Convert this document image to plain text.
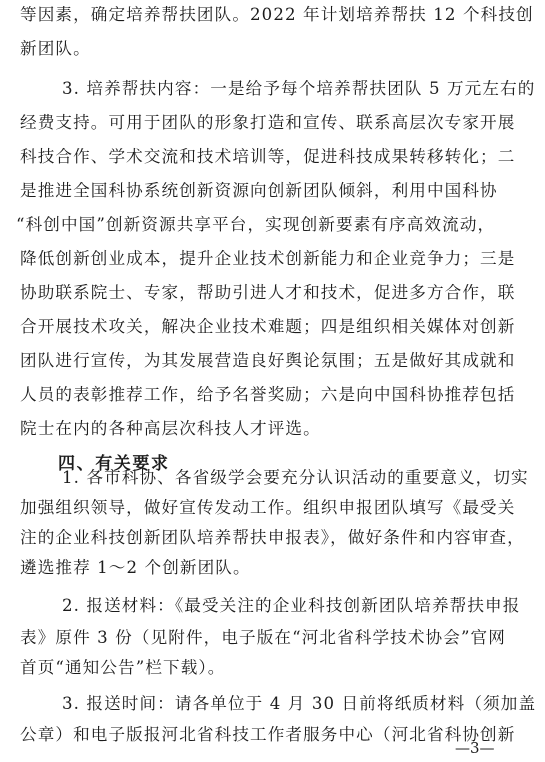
等因素，确定培养帮扶团队。2022 年计划培养帮扶 12 个科技创
新团队。
3. 培养帮扶内容：一是给予每个培养帮扶团队 5 万元左右的
经费支持。可用于团队的形象打造和宣传、联系高层次专家开展
科技合作、学术交流和技术培训等，促进科技成果转移转化；二
是推进全国科协系统创新资源向创新团队倾斜，利用中国科协
“科创中国”创新资源共享平台，实现创新要素有序高效流动，
降低创新创业成本，提升企业技术创新能力和企业竞争力；三是
协助联系院士、专家，帮助引进人才和技术，促进多方合作，联
合开展技术攻关，解决企业技术难题；四是组织相关媒体对创新
团队进行宣传，为其发展营造良好舆论氛围；五是做好其成就和
人员的表彰推荐工作，给予名誉奖励；六是向中国科协推荐包括
院士在内的各种高层次科技人才评选。
四、有关要求
1. 各市科协、各省级学会要充分认识活动的重要意义，切实
加强组织领导，做好宣传发动工作。组织申报团队填写《最受关
注的企业科技创新团队培养帮扶申报表》，做好条件和内容审查，
遴选推荐 1～2 个创新团队。
2. 报送材料：《最受关注的企业科技创新团队培养帮扶申报
表》原件 3 份（见附件，电子版在“河北省科学技术协会”官网
首页“通知公告”栏下载）。
3. 报送时间：请各单位于 4 月 30 日前将纸质材料（须加盖
—3—
公章）和电子版报河北省科技工作者服务中心（河北省科协创新
